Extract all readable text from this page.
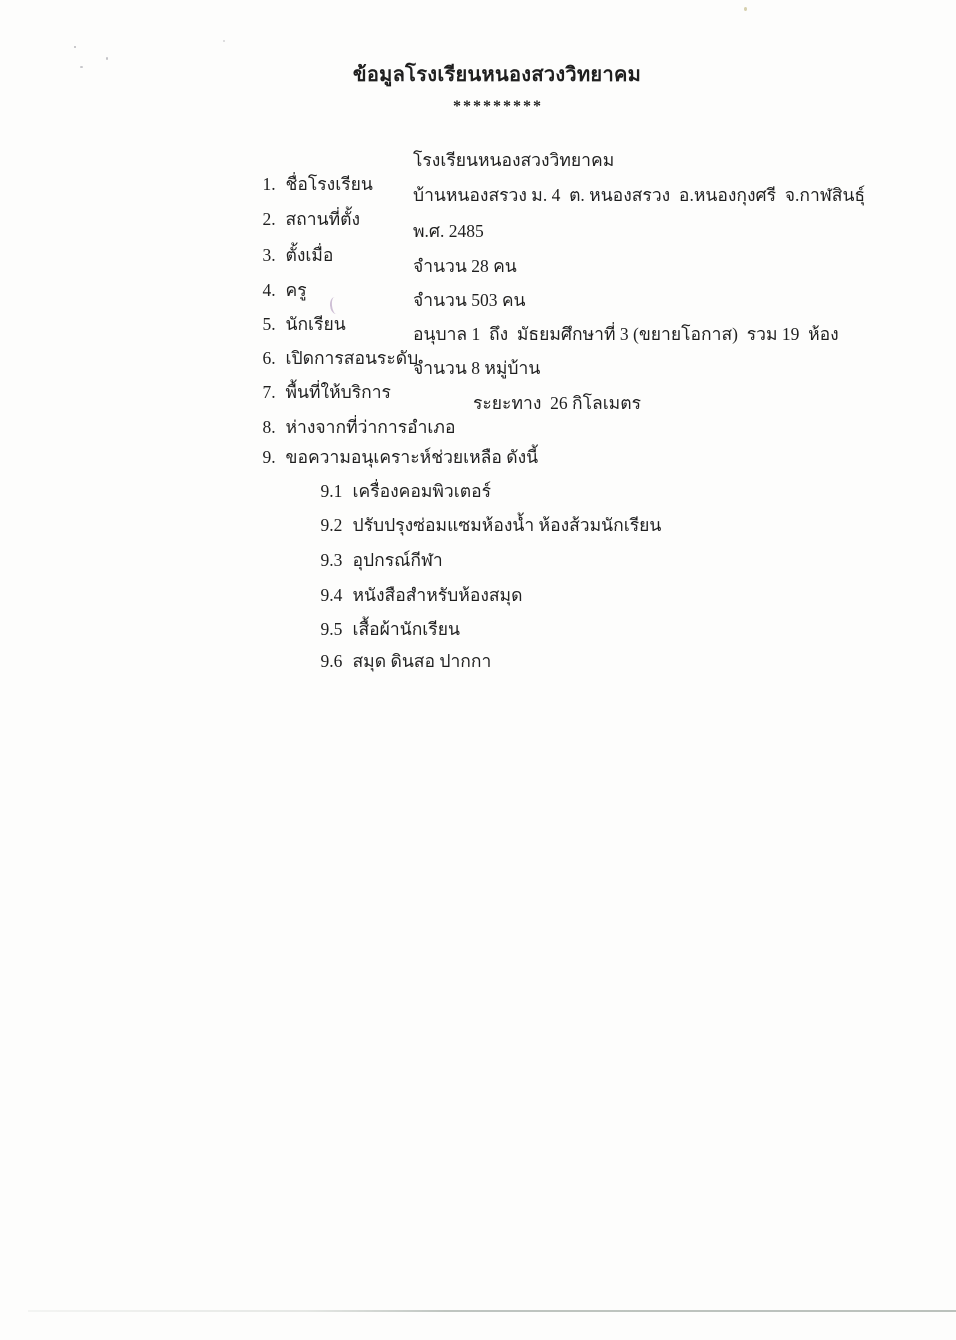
ข้อมูลโรงเรียนหนองสวงวิทยาคม
*********

1. ชื่อโรงเรียน

โรงเรียนหนองสวงวิทยาคม

2. สถานที่ตั้ง

บ้านหนองสรวง ม. 4  ต. หนองสรวง  อ.หนองกุงศรี  จ.กาฬสินธุ์

3. ตั้งเมื่อ

พ.ศ. 2485

4. ครู

จำนวน 28 คน

5. นักเรียน

จำนวน 503 คน

6. เปิดการสอนระดับ

อนุบาล 1  ถึง  มัธยมศึกษาที่ 3 (ขยายโอกาส)  รวม 19  ห้อง

7. พื้นที่ให้บริการ

จำนวน 8 หมู่บ้าน

8. ห่างจากที่ว่าการอำเภอ

ระยะทาง  26 กิโลเมตร

9. ขอความอนุเคราะห์ช่วยเหลือ ดังนี้

9.1 เครื่องคอมพิวเตอร์

9.2 ปรับปรุงซ่อมแซมห้องน้ำ ห้องส้วมนักเรียน

9.3 อุปกรณ์กีฬา

9.4 หนังสือสำหรับห้องสมุด

9.5 เสื้อผ้านักเรียน

9.6 สมุด ดินสอ ปากกา
